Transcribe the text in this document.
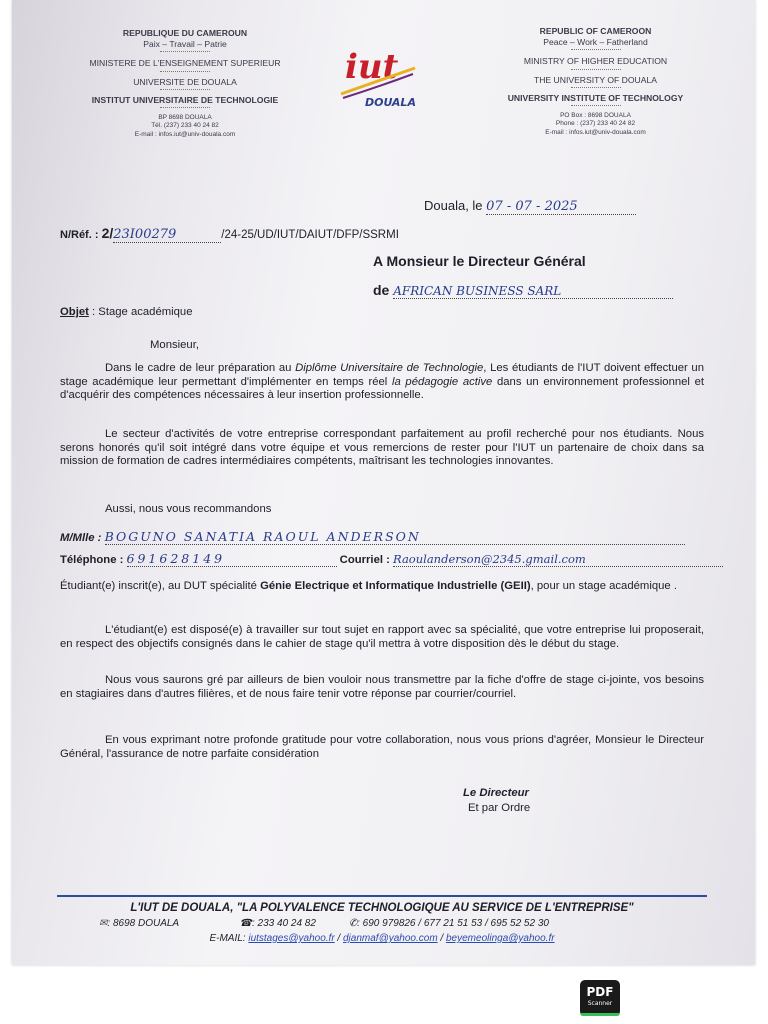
REPUBLIQUE DU CAMEROUN
Paix – Travail – Patrie
MINISTERE DE L'ENSEIGNEMENT SUPERIEUR
UNIVERSITE DE DOUALA
INSTITUT UNIVERSITAIRE DE TECHNOLOGIE
BP 8698 DOUALA
Tél. (237) 233 40 24 82
E-mail : infos.iut@univ-douala.com
iut
DOUALA
REPUBLIC OF CAMEROON
Peace – Work – Fatherland
MINISTRY OF HIGHER EDUCATION
THE UNIVERSITY OF DOUALA
UNIVERSITY INSTITUTE OF TECHNOLOGY
PO Box : 8698 DOUALA
Phone : (237) 233 40 24 82
E-mail : infos.iut@univ-douala.com
Douala, le 07 - 07 - 2025
N/Réf. : 2/23I00279	/24-25/UD/IUT/DAIUT/DFP/SSRMI
A Monsieur le Directeur Général
de AFRICAN BUSINESS SARL
Objet : Stage académique
Monsieur,
Dans le cadre de leur préparation au Diplôme Universitaire de Technologie, Les étudiants de l'IUT doivent effectuer un stage académique leur permettant d'implémenter en temps réel la pédagogie active dans un environnement professionnel et d'acquérir des compétences nécessaires à leur insertion professionnelle.
Le secteur d'activités de votre entreprise correspondant parfaitement au profil recherché pour nos étudiants. Nous serons honorés qu'il soit intégré dans votre équipe et vous remercions de rester pour l'IUT un partenaire de choix dans sa mission de formation de cadres intermédiaires compétents, maîtrisant les technologies innovantes.
Aussi, nous vous recommandons
M/Mlle : BOGUNO SANATIA RAOUL ANDERSON
Téléphone : 691628149	Courriel : Raoulanderson@2345.gmail.com
Étudiant(e) inscrit(e), au DUT spécialité Génie Electrique et Informatique Industrielle (GEII), pour un stage académique .
L'étudiant(e) est disposé(e) à travailler sur tout sujet en rapport avec sa spécialité, que votre entreprise lui proposerait, en respect des objectifs consignés dans le cahier de stage qu'il mettra à votre disposition dès le début du stage.
Nous vous saurons gré par ailleurs de bien vouloir nous transmettre par la fiche d'offre de stage ci-jointe, vos besoins en stagiaires dans d'autres filières, et de nous faire tenir votre réponse par courrier/courriel.
En vous exprimant notre profonde gratitude pour votre collaboration, nous vous prions d'agréer, Monsieur le Directeur Général, l'assurance de notre parfaite considération
Le Directeur
Et par Ordre
L'IUT DE DOUALA, "LA POLYVALENCE TECHNOLOGIQUE AU SERVICE DE L'ENTREPRISE"
✉: 8698 DOUALA	☎: 233 40 24 82	✆: 690 979826 / 677 21 51 53 / 695 52 52 30
E-MAIL: iutstages@yahoo.fr / djanmaf@yahoo.com / beyemeolinga@yahoo.fr
PDF
Scanner
